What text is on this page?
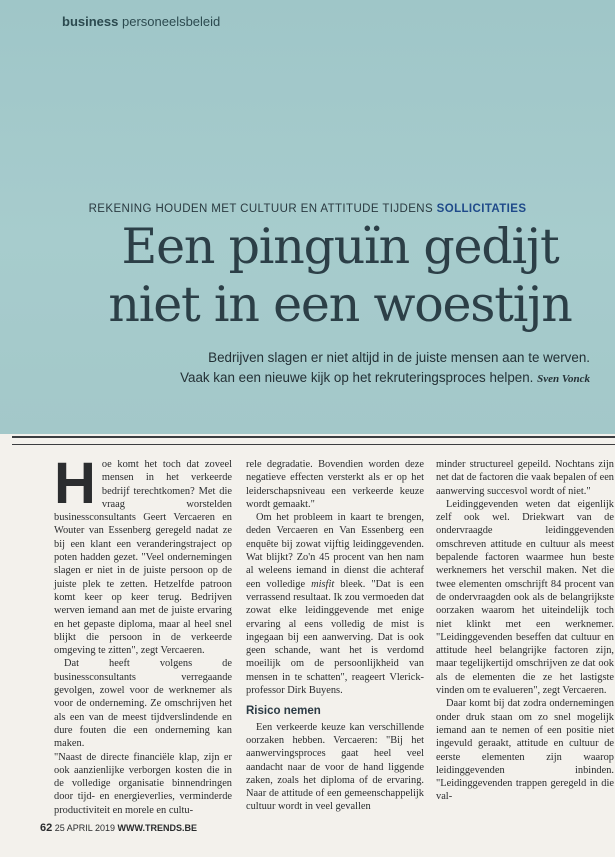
business personeelsbeleid
REKENING HOUDEN MET CULTUUR EN ATTITUDE TIJDENS SOLLICITATIES
Een pinguïn gedijt
niet in een woestijn
Bedrijven slagen er niet altijd in de juiste mensen aan te werven.
Vaak kan een nieuwe kijk op het rekruteringsproces helpen. Sven Vonck

Hoe komt het toch dat zoveel mensen in het verkeerde bedrijf terechtkomen? Met die vraag worstelden businessconsultants Geert Vercaeren en Wouter van Essenberg geregeld nadat ze bij een klant een veranderingstraject op poten hadden gezet. "Veel ondernemingen slagen er niet in de juiste persoon op de juiste plek te zetten. Hetzelfde patroon komt keer op keer terug. Bedrijven werven iemand aan met de juiste ervaring en het gepaste diploma, maar al heel snel blijkt die persoon in de verkeerde omgeving te zitten", zegt Vercaeren.

Dat heeft volgens de businessconsultants verregaande gevolgen, zowel voor de werknemer als voor de onderneming. Ze omschrijven het als een van de meest tijdverslindende en dure fouten die een onderneming kan maken.

"Naast de directe financiële klap, zijn er ook aanzienlijke verborgen kosten die in de volledige organisatie binnendringen door tijd- en energieverlies, verminderde productiviteit en morele en cultu-

rele degradatie. Bovendien worden deze negatieve effecten versterkt als er op het leiderschapsniveau een verkeerde keuze wordt gemaakt."

Om het probleem in kaart te brengen, deden Vercaeren en Van Essenberg een enquête bij zowat vijftig leidinggevenden. Wat blijkt? Zo'n 45 procent van hen nam al weleens iemand in dienst die achteraf een volledige misfit bleek. "Dat is een verrassend resultaat. Ik zou vermoeden dat zowat elke leidinggevende met enige ervaring al eens volledig de mist is ingegaan bij een aanwerving. Dat is ook geen schande, want het is verdomd moeilijk om de persoonlijkheid van mensen in te schatten", reageert Vlerick-professor Dirk Buyens.

Risico nemen

Een verkeerde keuze kan verschillende oorzaken hebben. Vercaeren: "Bij het aanwervingsproces gaat heel veel aandacht naar de voor de hand liggende zaken, zoals het diploma of de ervaring. Naar de attitude of een gemeenschappelijk cultuur wordt in veel gevallen

minder structureel gepeild. Nochtans zijn net dat de factoren die vaak bepalen of een aanwerving succesvol wordt of niet."

Leidinggevenden weten dat eigenlijk zelf ook wel. Driekwart van de ondervraagde leidinggevenden omschreven attitude en cultuur als meest bepalende factoren waarmee hun beste werknemers het verschil maken. Net die twee elementen omschrijft 84 procent van de ondervraagden ook als de belangrijkste oorzaken waarom het uiteindelijk toch niet klinkt met een werknemer. "Leidinggevenden beseffen dat cultuur en attitude heel belangrijke factoren zijn, maar tegelijkertijd omschrijven ze dat ook als de elementen die ze het lastigste vinden om te evalueren", zegt Vercaeren.

Daar komt bij dat zodra ondernemingen onder druk staan om zo snel mogelijk iemand aan te nemen of een positie niet ingevuld geraakt, attitude en cultuur de eerste elementen zijn waarop leidinggevenden inbinden. "Leidinggevenden trappen geregeld in die val-

62 25 APRIL 2019 WWW.TRENDS.BE
